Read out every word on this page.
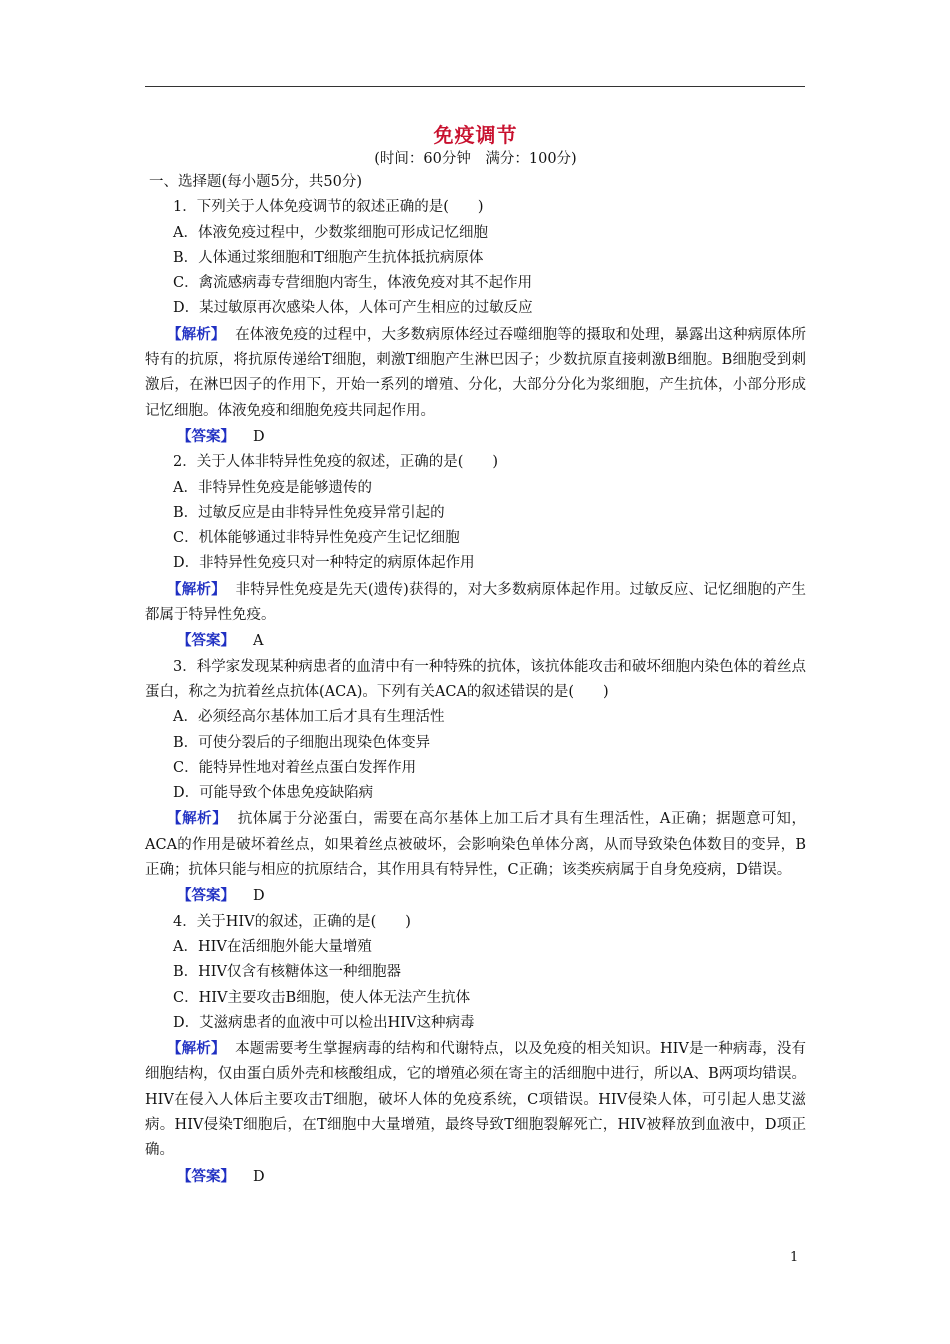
免疫调节
(时间：60分钟　满分：100分)
一、选择题(每小题5分，共50分)
1．下列关于人体免疫调节的叙述正确的是(　　)
A．体液免疫过程中，少数浆细胞可形成记忆细胞
B．人体通过浆细胞和T细胞产生抗体抵抗病原体
C．禽流感病毒专营细胞内寄生，体液免疫对其不起作用
D．某过敏原再次感染人体，人体可产生相应的过敏反应
【解析】 在体液免疫的过程中，大多数病原体经过吞噬细胞等的摄取和处理，暴露出这种病原体所特有的抗原，将抗原传递给T细胞，刺激T细胞产生淋巴因子；少数抗原直接刺激B细胞。B细胞受到刺激后，在淋巴因子的作用下，开始一系列的增殖、分化，大部分分化为浆细胞，产生抗体，小部分形成记忆细胞。体液免疫和细胞免疫共同起作用。
【答案】 D
2．关于人体非特异性免疫的叙述，正确的是(　　)
A．非特异性免疫是能够遗传的
B．过敏反应是由非特异性免疫异常引起的
C．机体能够通过非特异性免疫产生记忆细胞
D．非特异性免疫只对一种特定的病原体起作用
【解析】 非特异性免疫是先天(遗传)获得的，对大多数病原体起作用。过敏反应、记忆细胞的产生都属于特异性免疫。
【答案】 A
3．科学家发现某种病患者的血清中有一种特殊的抗体，该抗体能攻击和破坏细胞内染色体的着丝点蛋白，称之为抗着丝点抗体(ACA)。下列有关ACA的叙述错误的是(　　)
A．必须经高尔基体加工后才具有生理活性
B．可使分裂后的子细胞出现染色体变异
C．能特异性地对着丝点蛋白发挥作用
D．可能导致个体患免疫缺陷病
【解析】 抗体属于分泌蛋白，需要在高尔基体上加工后才具有生理活性，A正确；据题意可知，ACA的作用是破坏着丝点，如果着丝点被破坏，会影响染色单体分离，从而导致染色体数目的变异，B正确；抗体只能与相应的抗原结合，其作用具有特异性，C正确；该类疾病属于自身免疫病，D错误。
【答案】 D
4．关于HIV的叙述，正确的是(　　)
A．HIV在活细胞外能大量增殖
B．HIV仅含有核糖体这一种细胞器
C．HIV主要攻击B细胞，使人体无法产生抗体
D．艾滋病患者的血液中可以检出HIV这种病毒
【解析】 本题需要考生掌握病毒的结构和代谢特点，以及免疫的相关知识。HIV是一种病毒，没有细胞结构，仅由蛋白质外壳和核酸组成，它的增殖必须在寄主的活细胞中进行，所以A、B两项均错误。HIV在侵入人体后主要攻击T细胞，破坏人体的免疫系统，C项错误。HIV侵染人体，可引起人患艾滋病。HIV侵染T细胞后，在T细胞中大量增殖，最终导致T细胞裂解死亡，HIV被释放到血液中，D项正确。
【答案】 D
1
